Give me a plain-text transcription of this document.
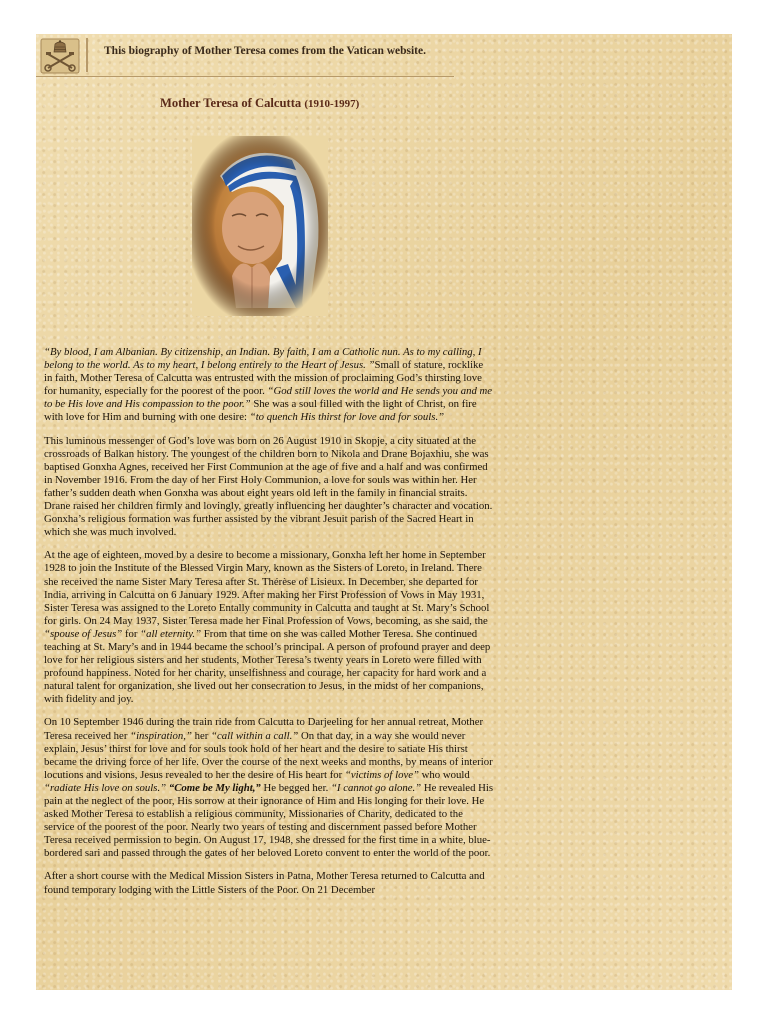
This biography of Mother Teresa comes from the Vatican website.
Mother Teresa of Calcutta (1910-1997)

“By blood, I am Albanian. By citizenship, an Indian. By faith, I am a Catholic nun. As to my calling, I belong to the world. As to my heart, I belong entirely to the Heart of Jesus. ”Small of stature, rocklike in faith, Mother Teresa of Calcutta was entrusted with the mission of proclaiming God’s thirsting love for humanity, especially for the poorest of the poor. “God still loves the world and He sends you and me to be His love and His compassion to the poor.” She was a soul filled with the light of Christ, on fire with love for Him and burning with one desire: “to quench His thirst for love and for souls.”

This luminous messenger of God’s love was born on 26 August 1910 in Skopje, a city situated at the crossroads of Balkan history. The youngest of the children born to Nikola and Drane Bojaxhiu, she was baptised Gonxha Agnes, received her First Communion at the age of five and a half and was confirmed in November 1916. From the day of her First Holy Communion, a love for souls was within her. Her father’s sudden death when Gonxha was about eight years old left in the family in financial straits. Drane raised her children firmly and lovingly, greatly influencing her daughter’s character and vocation. Gonxha’s religious formation was further assisted by the vibrant Jesuit parish of the Sacred Heart in which she was much involved.

At the age of eighteen, moved by a desire to become a missionary, Gonxha left her home in September 1928 to join the Institute of the Blessed Virgin Mary, known as the Sisters of Loreto, in Ireland. There she received the name Sister Mary Teresa after St. Thérèse of Lisieux. In December, she departed for India, arriving in Calcutta on 6 January 1929. After making her First Profession of Vows in May 1931, Sister Teresa was assigned to the Loreto Entally community in Calcutta and taught at St. Mary’s School for girls. On 24 May 1937, Sister Teresa made her Final Profession of Vows, becoming, as she said, the “spouse of Jesus” for “all eternity.” From that time on she was called Mother Teresa. She continued teaching at St. Mary’s and in 1944 became the school’s principal. A person of profound prayer and deep love for her religious sisters and her students, Mother Teresa’s twenty years in Loreto were filled with profound happiness. Noted for her charity, unselfishness and courage, her capacity for hard work and a natural talent for organization, she lived out her consecration to Jesus, in the midst of her companions, with fidelity and joy.

On 10 September 1946 during the train ride from Calcutta to Darjeeling for her annual retreat, Mother Teresa received her “inspiration,” her “call within a call.” On that day, in a way she would never explain, Jesus’ thirst for love and for souls took hold of her heart and the desire to satiate His thirst became the driving force of her life. Over the course of the next weeks and months, by means of interior locutions and visions, Jesus revealed to her the desire of His heart for “victims of love” who would “radiate His love on souls.” “Come be My light,” He begged her. “I cannot go alone.” He revealed His pain at the neglect of the poor, His sorrow at their ignorance of Him and His longing for their love. He asked Mother Teresa to establish a religious community, Missionaries of Charity, dedicated to the service of the poorest of the poor. Nearly two years of testing and discernment passed before Mother Teresa received permission to begin. On August 17, 1948, she dressed for the first time in a white, blue-bordered sari and passed through the gates of her beloved Loreto convent to enter the world of the poor.

After a short course with the Medical Mission Sisters in Patna, Mother Teresa returned to Calcutta and found temporary lodging with the Little Sisters of the Poor. On 21 December
